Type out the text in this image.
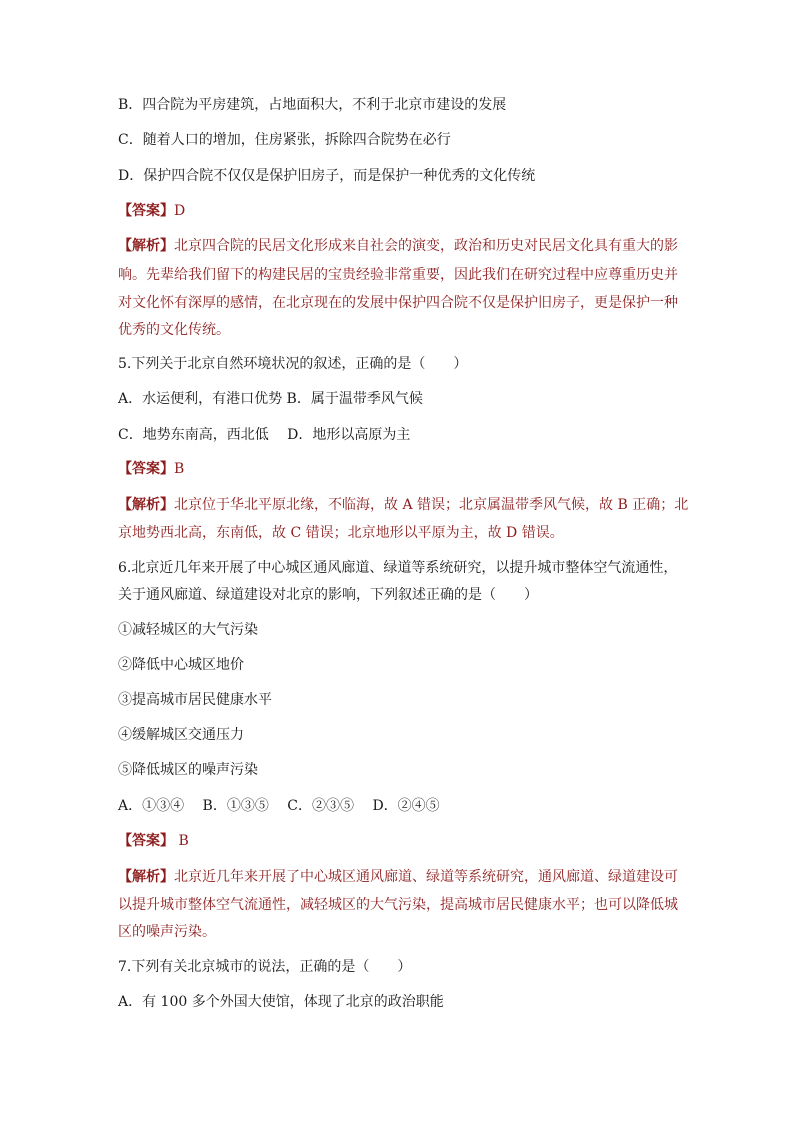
B．四合院为平房建筑，占地面积大，不利于北京市建设的发展

C．随着人口的增加，住房紧张，拆除四合院势在必行

D．保护四合院不仅仅是保护旧房子，而是保护一种优秀的文化传统

【答案】D

【解析】北京四合院的民居文化形成来自社会的演变，政治和历史对民居文化具有重大的影

响。先辈给我们留下的构建民居的宝贵经验非常重要，因此我们在研究过程中应尊重历史并

对文化怀有深厚的感情，在北京现在的发展中保护四合院不仅是保护旧房子，更是保护一种

优秀的文化传统。

5.下列关于北京自然环境状况的叙述，正确的是（　　）

A．水运便利，有港口优势 B．属于温带季风气候

C．地势东南高，西北低　 D．地形以高原为主

【答案】B

【解析】北京位于华北平原北缘，不临海，故 A 错误；北京属温带季风气候，故 B 正确；北

京地势西北高，东南低，故 C 错误；北京地形以平原为主，故 D 错误。

6.北京近几年来开展了中心城区通风廊道、绿道等系统研究，以提升城市整体空气流通性，

关于通风廊道、绿道建设对北京的影响，下列叙述正确的是（　　）

①减轻城区的大气污染

②降低中心城区地价

③提高城市居民健康水平

④缓解城区交通压力

⑤降低城区的噪声污染

A．①③④　 B．①③⑤　 C．②③⑤　 D．②④⑤

【答案】 B

【解析】北京近几年来开展了中心城区通风廊道、绿道等系统研究，通风廊道、绿道建设可

以提升城市整体空气流通性，减轻城区的大气污染，提高城市居民健康水平；也可以降低城

区的噪声污染。

7.下列有关北京城市的说法，正确的是（　　）

A．有 100 多个外国大使馆，体现了北京的政治职能
